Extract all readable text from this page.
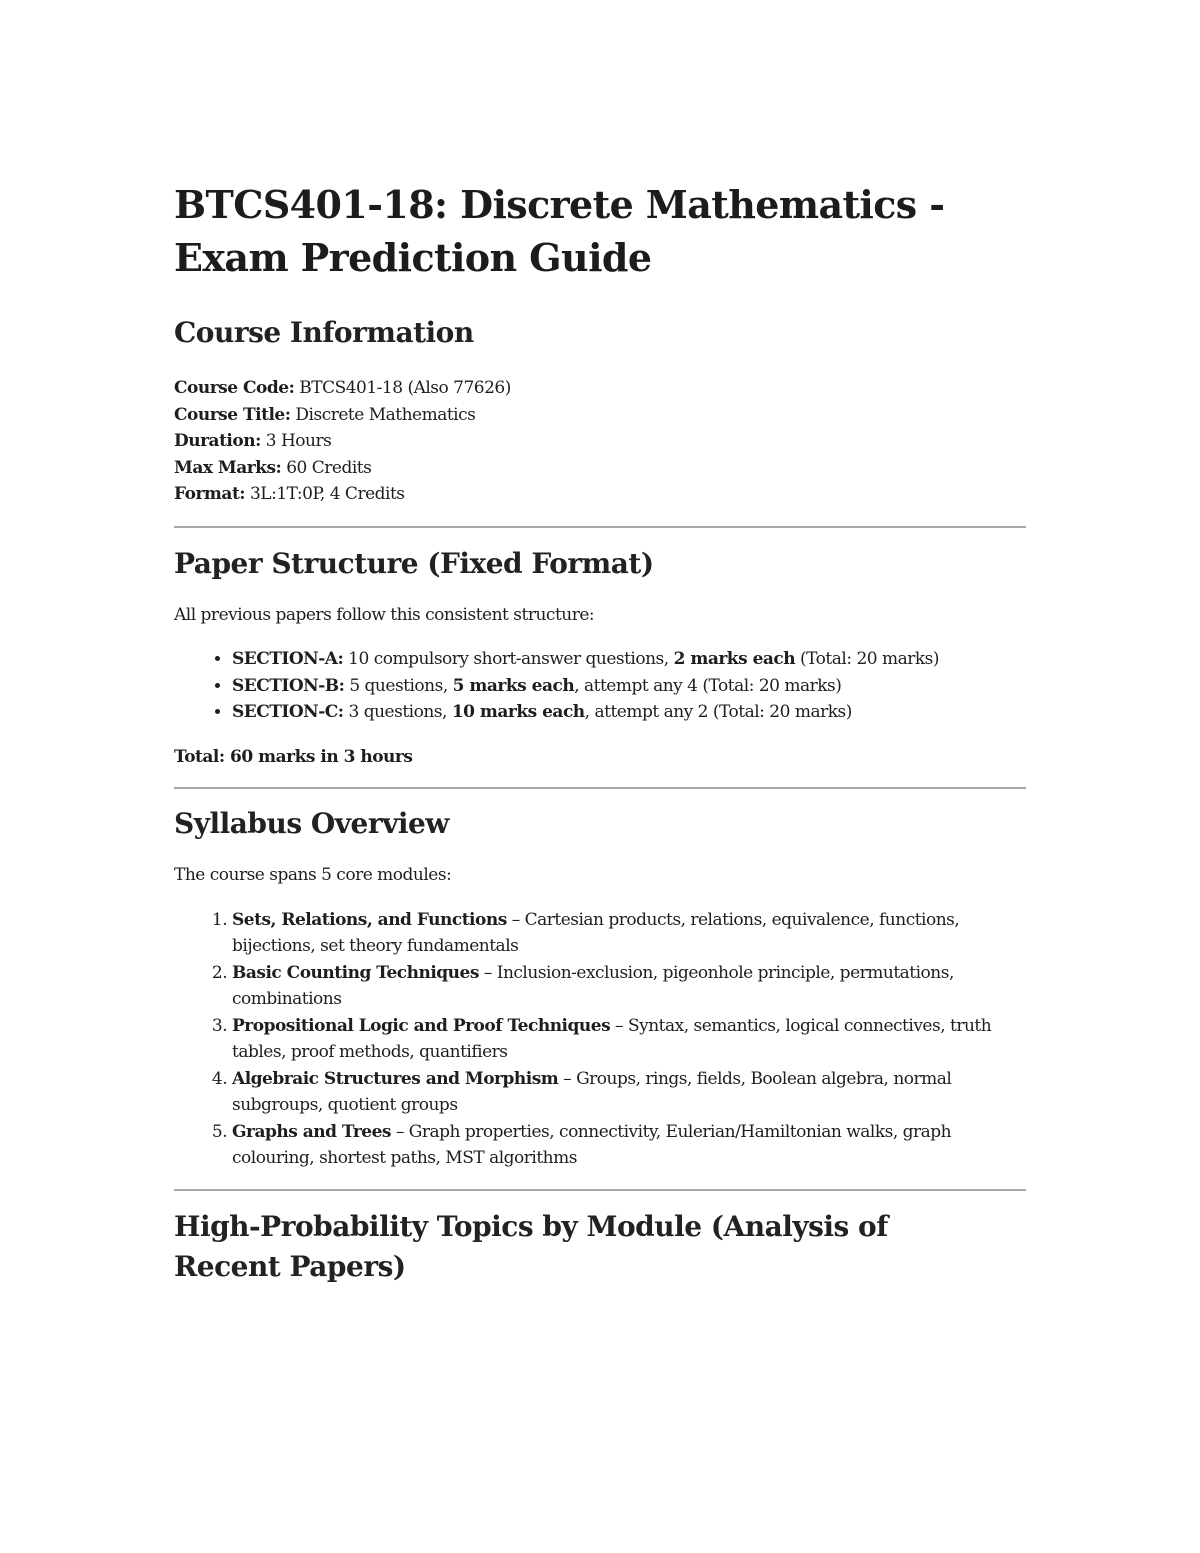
BTCS401-18: Discrete Mathematics - Exam Prediction Guide
Course Information

Course Code: BTCS401-18 (Also 77626)

Course Title: Discrete Mathematics

Duration: 3 Hours

Max Marks: 60 Credits

Format: 3L:1T:0P, 4 Credits

Paper Structure (Fixed Format)

All previous papers follow this consistent structure:

• SECTION-A: 10 compulsory short-answer questions, 2 marks each (Total: 20 marks)
• SECTION-B: 5 questions, 5 marks each, attempt any 4 (Total: 20 marks)
• SECTION-C: 3 questions, 10 marks each, attempt any 2 (Total: 20 marks)

Total: 60 marks in 3 hours

Syllabus Overview

The course spans 5 core modules:

1. Sets, Relations, and Functions – Cartesian products, relations, equivalence, functions, bijections, set theory fundamentals
2. Basic Counting Techniques – Inclusion-exclusion, pigeonhole principle, permutations, combinations
3. Propositional Logic and Proof Techniques – Syntax, semantics, logical connectives, truth tables, proof methods, quantifiers
4. Algebraic Structures and Morphism – Groups, rings, fields, Boolean algebra, normal subgroups, quotient groups
5. Graphs and Trees – Graph properties, connectivity, Eulerian/Hamiltonian walks, graph colouring, shortest paths, MST algorithms
High-Probability Topics by Module (Analysis of Recent Papers)
